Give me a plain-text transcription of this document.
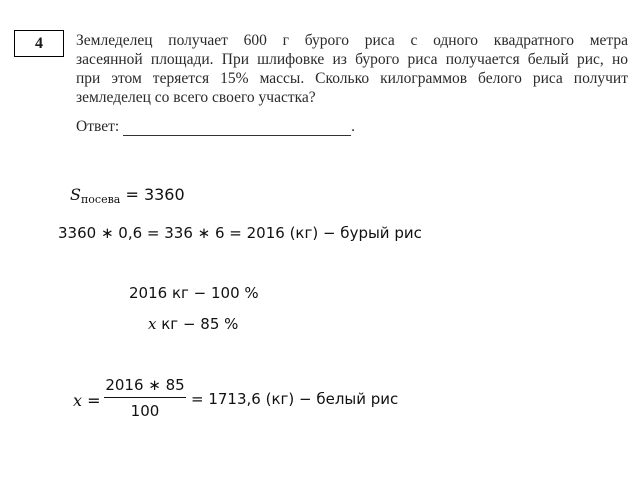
4 Земледелец получает 600 г бурого риса с одного квадратного метра
засеянной площади. При шлифовке из бурого риса получается белый рис, но
при этом теряется 15% массы. Сколько килограммов белого риса получит
земледелец со всего своего участка?
Ответ:	.
$S_{посева} = 3360$
3360 ∗ 0,6 = 336 ∗ 6 = 2016 (кг) − бурый рис
2016 кг − 100 %
x кг − 85 %
x =
2016 ∗ 85
100
= 1713,6 (кг) − белый рис
